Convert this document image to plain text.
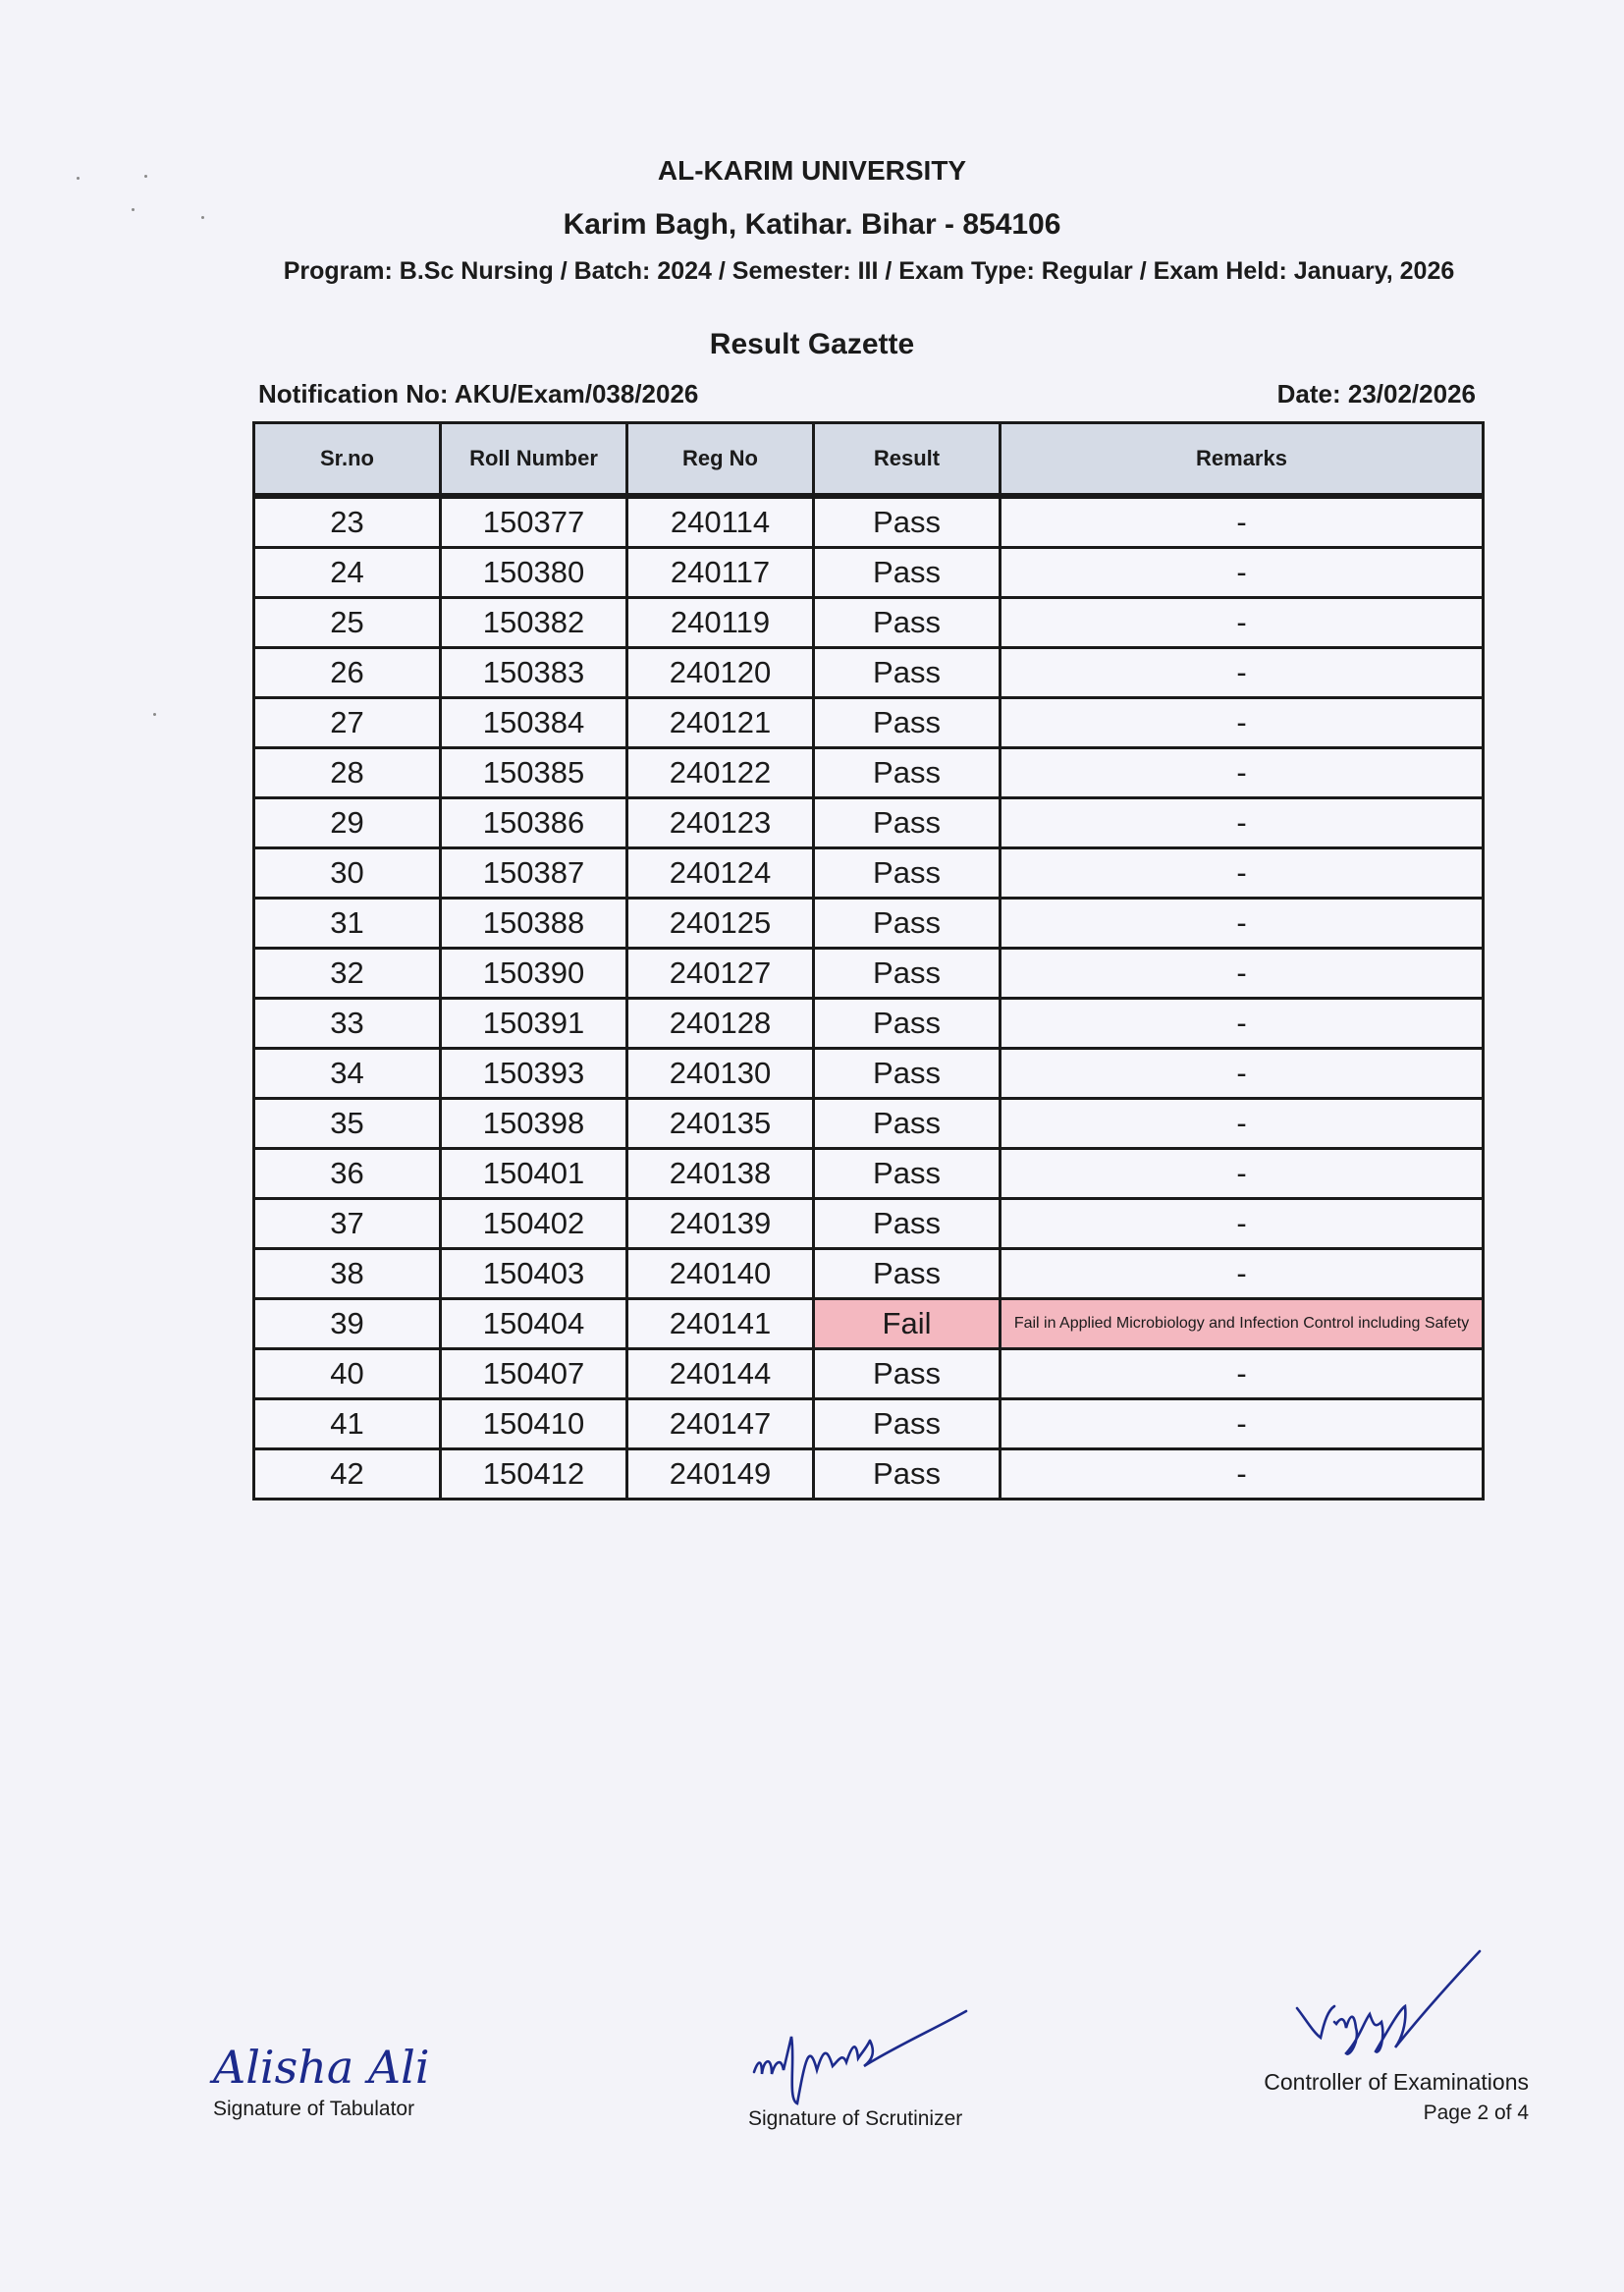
AL-KARIM UNIVERSITY
Karim Bagh, Katihar. Bihar - 854106
Program: B.Sc Nursing / Batch: 2024 / Semester: III / Exam Type: Regular / Exam Held: January, 2026
Result Gazette
Notification No: AKU/Exam/038/2026	Date: 23/02/2026
Sr.no	Roll Number	Reg No	Result	Remarks
23	150377	240114	Pass	-
24	150380	240117	Pass	-
25	150382	240119	Pass	-
26	150383	240120	Pass	-
27	150384	240121	Pass	-
28	150385	240122	Pass	-
29	150386	240123	Pass	-
30	150387	240124	Pass	-
31	150388	240125	Pass	-
32	150390	240127	Pass	-
33	150391	240128	Pass	-
34	150393	240130	Pass	-
35	150398	240135	Pass	-
36	150401	240138	Pass	-
37	150402	240139	Pass	-
38	150403	240140	Pass	-
39	150404	240141	Fail	Fail in Applied Microbiology and Infection Control including Safety
40	150407	240144	Pass	-
41	150410	240147	Pass	-
42	150412	240149	Pass	-
Alisha Ali
Signature of Tabulator	Signature of Scrutinizer
Controller of Examinations
Page 2 of 4
